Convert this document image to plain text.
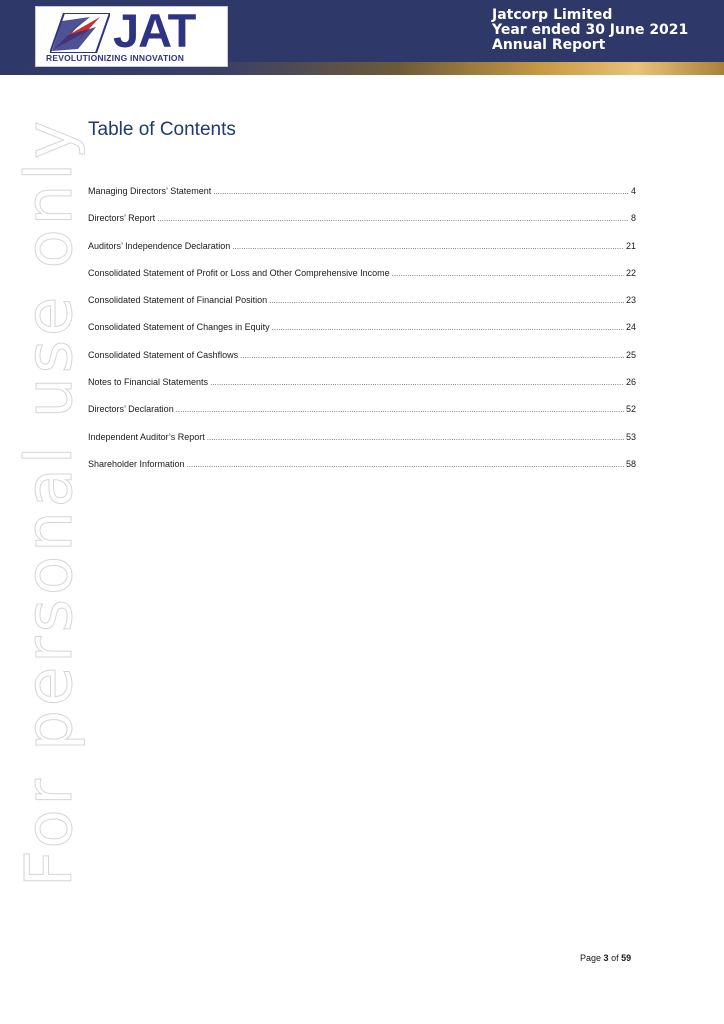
JAT
REVOLUTIONIZING INNOVATION
Jatcorp Limited
Year ended 30 June 2021
Annual Report
For personal use only Table of Contents
Managing Directors’ Statement .....	4
Directors’ Report .....	8
Auditors’ Independence Declaration .....	21
Consolidated Statement of Profit or Loss and Other Comprehensive Income .....	22
Consolidated Statement of Financial Position .....	23
Consolidated Statement of Changes in Equity .....	24
Consolidated Statement of Cashflows .....	25
Notes to Financial Statements .....	26
Directors’ Declaration .....	52
Independent Auditor’s Report .....	53
Shareholder Information .....	58
Page 3 of 59
